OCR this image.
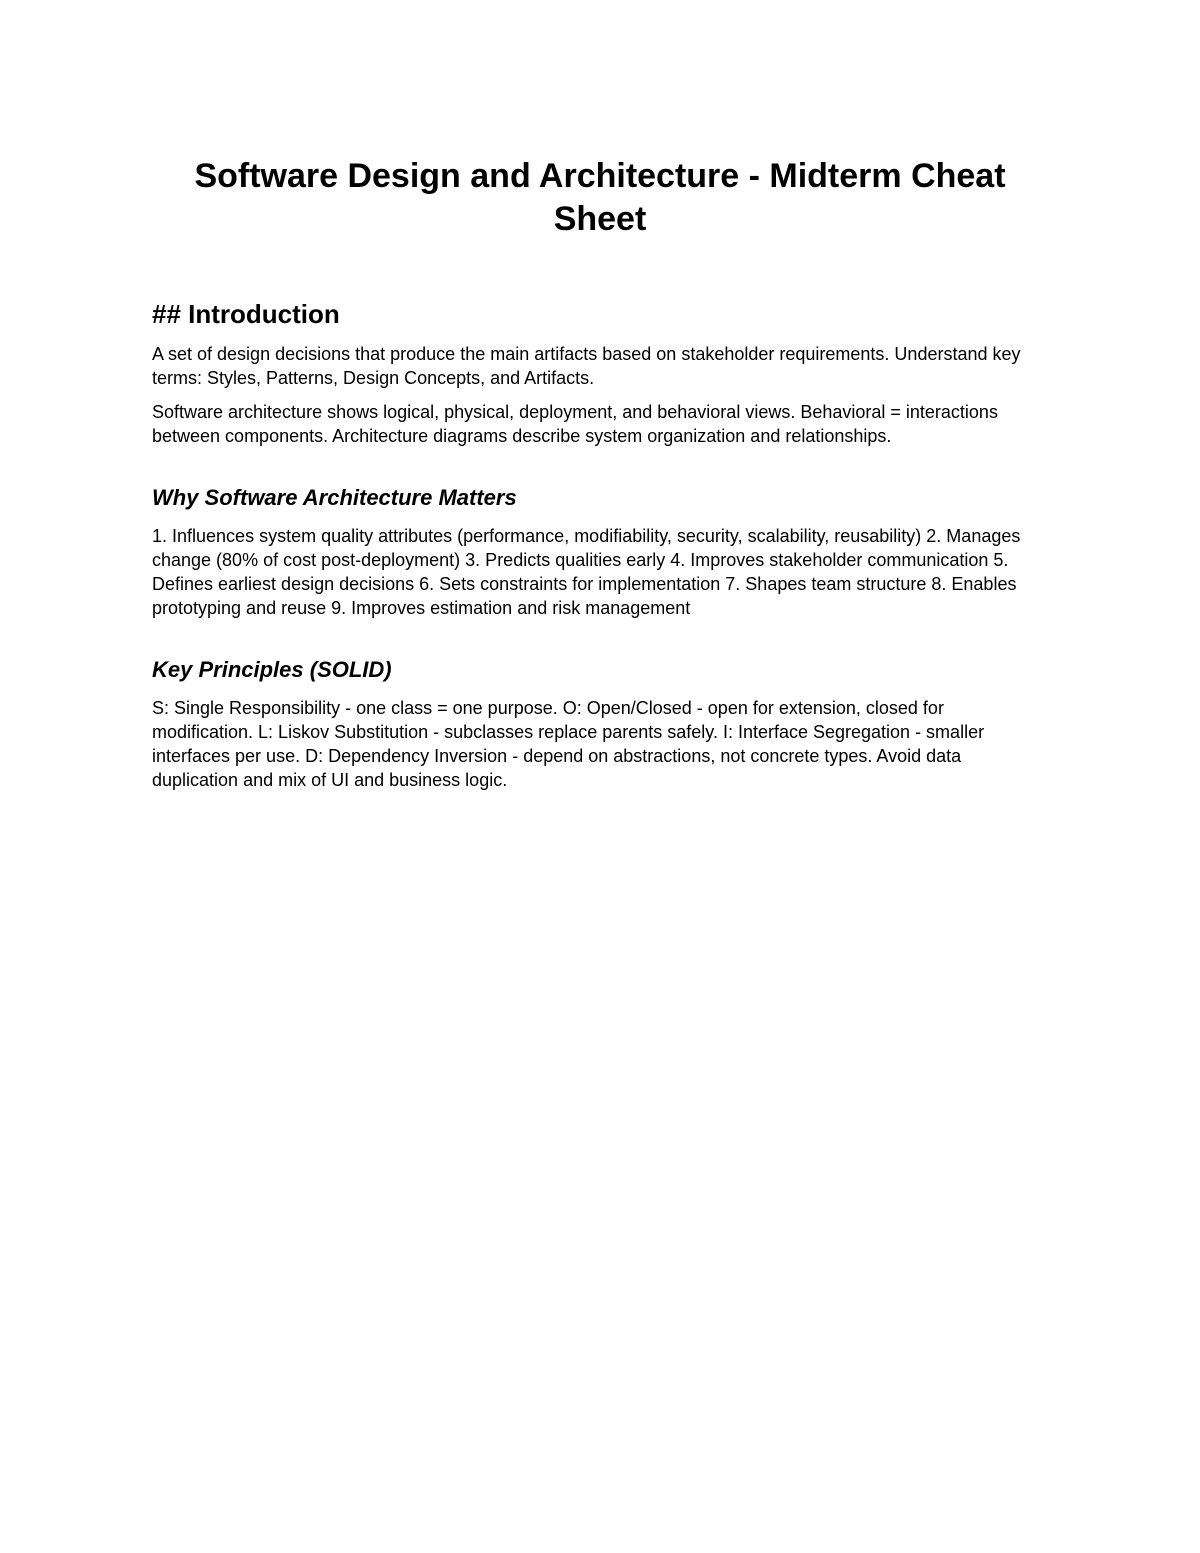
Software Design and Architecture - Midterm Cheat Sheet
## Introduction

A set of design decisions that produce the main artifacts based on stakeholder requirements. Understand key terms: Styles, Patterns, Design Concepts, and Artifacts.

Software architecture shows logical, physical, deployment, and behavioral views. Behavioral = interactions between components. Architecture diagrams describe system organization and relationships.

Why Software Architecture Matters

1. Influences system quality attributes (performance, modifiability, security, scalability, reusability) 2. Manages change (80% of cost post-deployment) 3. Predicts qualities early 4. Improves stakeholder communication 5. Defines earliest design decisions 6. Sets constraints for implementation 7. Shapes team structure 8. Enables prototyping and reuse 9. Improves estimation and risk management

Key Principles (SOLID)

S: Single Responsibility - one class = one purpose. O: Open/Closed - open for extension, closed for modification. L: Liskov Substitution - subclasses replace parents safely. I: Interface Segregation - smaller interfaces per use. D: Dependency Inversion - depend on abstractions, not concrete types. Avoid data duplication and mix of UI and business logic.
